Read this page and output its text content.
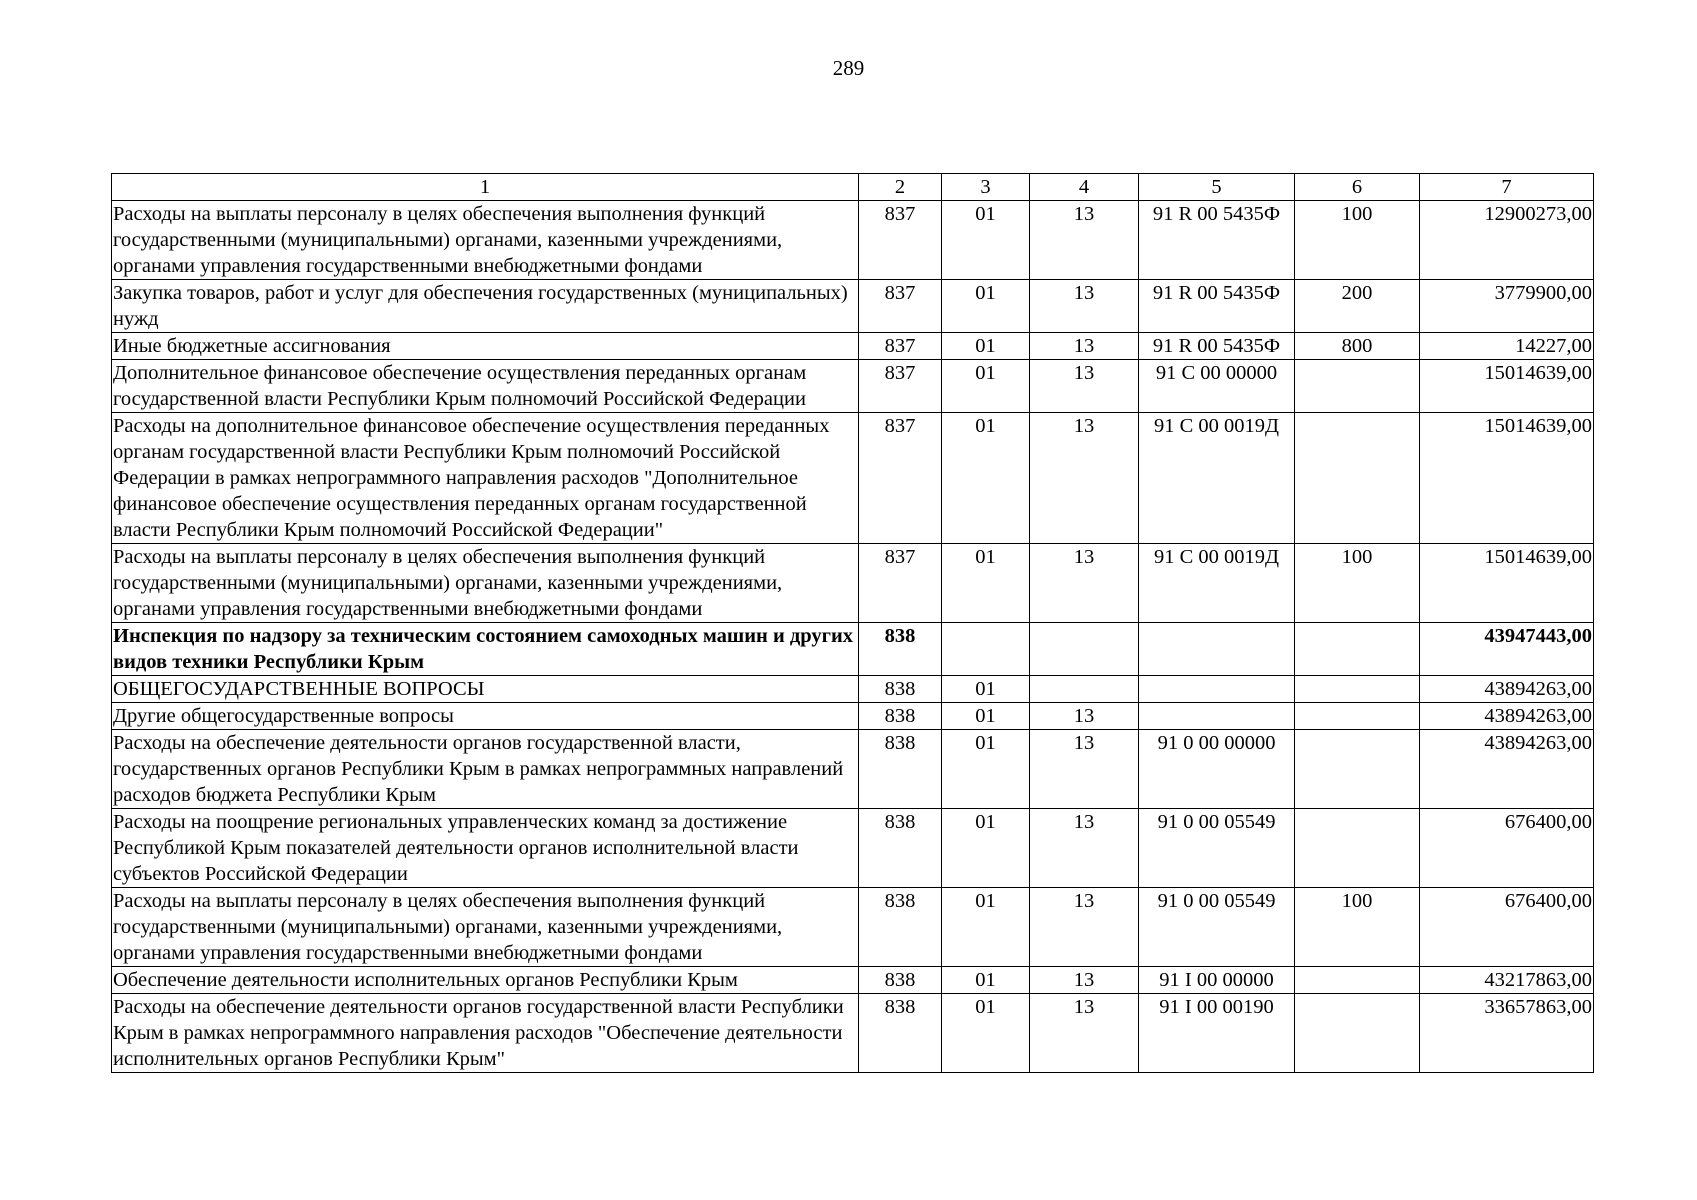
289
1	2	3	4	5	6	7
Расходы на выплаты персоналу в целях обеспечения выполнения функций государственными (муниципальными) органами, казенными учреждениями, органами управления государственными внебюджетными фондами	837	01	13	91 R 00 5435Ф	100	12900273,00
Закупка товаров, работ и услуг для обеспечения государственных (муниципальных) нужд	837	01	13	91 R 00 5435Ф	200	3779900,00
Иные бюджетные ассигнования	837	01	13	91 R 00 5435Ф	800	14227,00
Дополнительное финансовое обеспечение осуществления переданных органам государственной власти Республики Крым полномочий Российской Федерации	837	01	13	91 С 00 00000		15014639,00
Расходы на дополнительное финансовое обеспечение осуществления переданных органам государственной власти Республики Крым полномочий Российской Федерации в рамках непрограммного направления расходов "Дополнительное финансовое обеспечение осуществления переданных органам государственной власти Республики Крым полномочий Российской Федерации"	837	01	13	91 С 00 0019Д		15014639,00
Расходы на выплаты персоналу в целях обеспечения выполнения функций государственными (муниципальными) органами, казенными учреждениями, органами управления государственными внебюджетными фондами	837	01	13	91 С 00 0019Д	100	15014639,00
Инспекция по надзору за техническим состоянием самоходных машин и других видов техники Республики Крым	838					43947443,00
ОБЩЕГОСУДАРСТВЕННЫЕ ВОПРОСЫ	838	01				43894263,00
Другие общегосударственные вопросы	838	01	13			43894263,00
Расходы на обеспечение деятельности органов государственной власти, государственных органов Республики Крым в рамках непрограммных направлений расходов бюджета Республики Крым	838	01	13	91 0 00 00000		43894263,00
Расходы на поощрение региональных управленческих команд за достижение Республикой Крым показателей деятельности органов исполнительной власти субъектов Российской Федерации	838	01	13	91 0 00 05549		676400,00
Расходы на выплаты персоналу в целях обеспечения выполнения функций государственными (муниципальными) органами, казенными учреждениями, органами управления государственными внебюджетными фондами	838	01	13	91 0 00 05549	100	676400,00
Обеспечение деятельности исполнительных органов Республики Крым	838	01	13	91 I 00 00000		43217863,00
Расходы на обеспечение деятельности органов государственной власти Республики Крым в рамках непрограммного направления расходов "Обеспечение деятельности исполнительных органов Республики Крым"	838	01	13	91 I 00 00190		33657863,00
